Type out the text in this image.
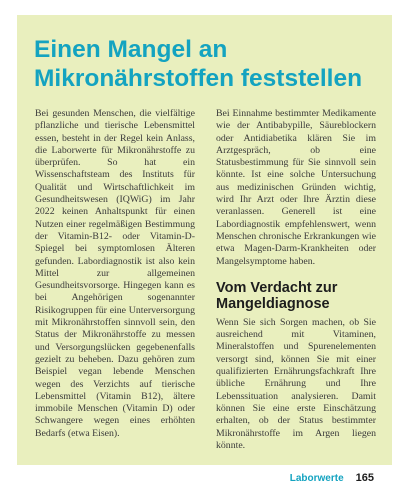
Einen Mangel an Mikronährstoffen feststellen

Bei gesunden Menschen, die vielfältige pflanzliche und tierische Lebensmittel essen, besteht in der Regel kein Anlass, die Laborwerte für Mikronährstoffe zu überprüfen. So hat ein Wissenschaftsteam des Instituts für Qualität und Wirtschaftlichkeit im Gesundheitswesen (IQWiG) im Jahr 2022 keinen Anhaltspunkt für einen Nutzen einer regelmäßigen Bestimmung der Vitamin-B12- oder Vitamin-D-Spiegel bei symptomlosen Älteren gefunden. Labordiagnostik ist also kein Mittel zur allgemeinen Gesundheitsvorsorge. Hingegen kann es bei Angehörigen sogenannter Risikogruppen für eine Unterversorgung mit Mikronährstoffen sinnvoll sein, den Status der Mikronährstoffe zu messen und Versorgungslücken gegebenenfalls gezielt zu beheben. Dazu gehören zum Beispiel vegan lebende Menschen wegen des Verzichts auf tierische Lebensmittel (Vitamin B12), ältere immobile Menschen (Vitamin D) oder Schwangere wegen eines erhöhten Bedarfs (etwa Eisen).

Bei Einnahme bestimmter Medikamente wie der Antibabypille, Säureblockern oder Antidiabetika klären Sie im Arztgespräch, ob eine Statusbestimmung für Sie sinnvoll sein könnte. Ist eine solche Untersuchung aus medizinischen Gründen wichtig, wird Ihr Arzt oder Ihre Ärztin diese veranlassen. Generell ist eine Labordiagnostik empfehlenswert, wenn Menschen chronische Erkrankungen wie etwa Magen-Darm-Krankheiten oder Mangelsymptome haben.

Vom Verdacht zur Mangeldiagnose

Wenn Sie sich Sorgen machen, ob Sie ausreichend mit Vitaminen, Mineralstoffen und Spurenelementen versorgt sind, können Sie mit einer qualifizierten Ernährungsfachkraft Ihre übliche Ernährung und Ihre Lebenssituation analysieren. Damit können Sie eine erste Einschätzung erhalten, ob der Status bestimmter Mikronährstoffe im Argen liegen könnte.

Laborwerte 165
